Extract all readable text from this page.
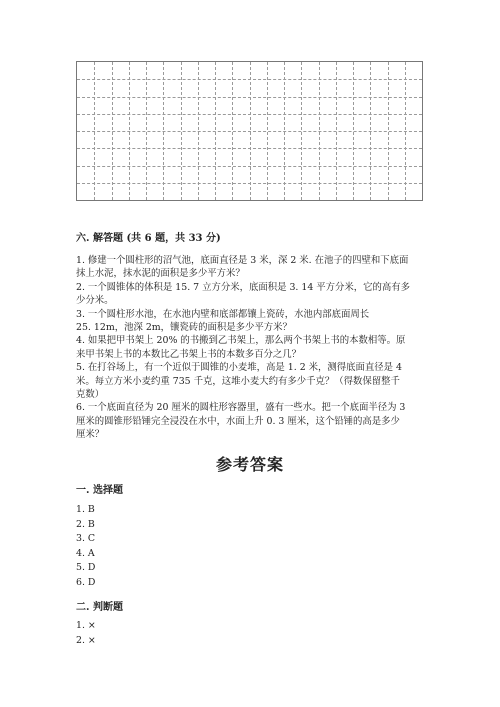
六. 解答题 (共 6 题，共 33 分)
1. 修建一个圆柱形的沼气池，底面直径是 3 米，深 2 米. 在池子的四壁和下底面
抹上水泥，抹水泥的面积是多少平方米？
2. 一个圆锥体的体积是 15. 7 立方分米，底面积是 3. 14 平方分米，它的高有多
少分米。
3. 一个圆柱形水池，在水池内壁和底部都镶上瓷砖，水池内部底面周长
25. 12m，池深 2m，镶瓷砖的面积是多少平方米？
4. 如果把甲书架上 20% 的书搬到乙书架上，那么两个书架上书的本数相等。原
来甲书架上书的本数比乙书架上书的本数多百分之几？
5. 在打谷场上，有一个近似于圆锥的小麦堆，高是 1. 2 米，测得底面直径是 4
米。每立方米小麦约重 735 千克，这堆小麦大约有多少千克？（得数保留整千
克数）
6. 一个底面直径为 20 厘米的圆柱形容器里，盛有一些水。把一个底面半径为 3
厘米的圆锥形铅锤完全浸没在水中，水面上升 0. 3 厘米，这个铅锤的高是多少
厘米？
参考答案
一. 选择题
1. B
2. B
3. C
4. A
5. D
6. D
二. 判断题
1. ×
2. ×
